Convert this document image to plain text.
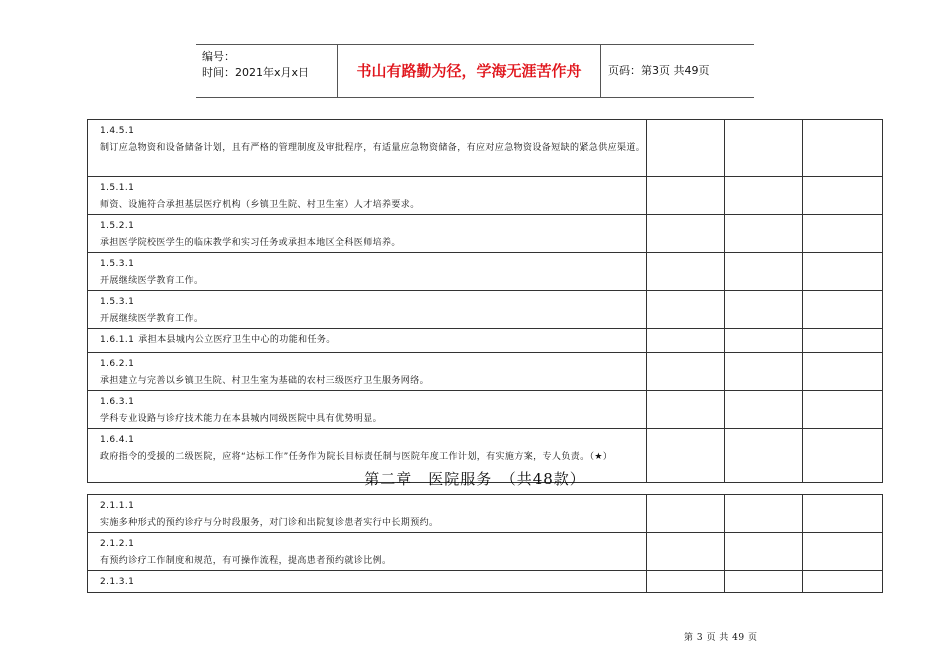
编号：
时间：2021年x月x日	书山有路勤为径，学海无涯苦作舟	页码：第3页 共49页
1.4.5.1
制订应急物资和设备储备计划，且有严格的管理制度及审批程序，有适量应急物资储备，有应对应急物资设备短缺的紧急供应渠道。			

1.5.1.1
师资、设施符合承担基层医疗机构（乡镇卫生院、村卫生室）人才培养要求。			

1.5.2.1
承担医学院校医学生的临床教学和实习任务或承担本地区全科医师培养。			

1.5.3.1
开展继续医学教育工作。			

1.5.3.1
开展继续医学教育工作。			

1.6.1.1 承担本县城内公立医疗卫生中心的功能和任务。			

1.6.2.1
承担建立与完善以乡镇卫生院、村卫生室为基础的农村三级医疗卫生服务网络。			

1.6.3.1
学科专业设路与诊疗技术能力在本县城内同级医院中具有优势明显。			

1.6.4.1
政府指令的受援的二级医院，应将“达标工作”任务作为院长目标责任制与医院年度工作计划，有实施方案，专人负责。（★）			

第二章　医院服务　（共48款）
2.1.1.1
实施多种形式的预约诊疗与分时段服务，对门诊和出院复诊患者实行中长期预约。			

2.1.2.1
有预约诊疗工作制度和规范，有可操作流程，提高患者预约就诊比例。			

2.1.3.1			

第 3 页 共 49 页
